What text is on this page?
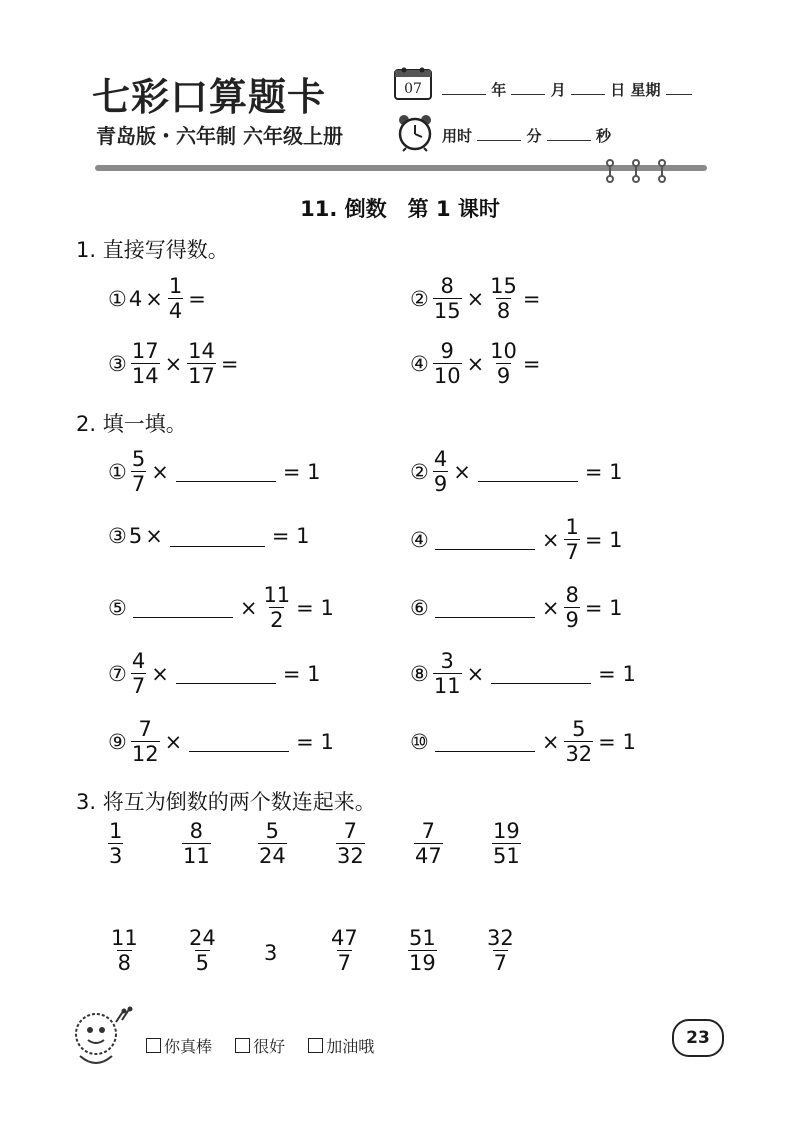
七彩口算题卡
青岛版・六年制 六年级上册
07	年	月	日 星期
用时	分	秒
11. 倒数　第 1 课时
1. 直接写得数。
① $4 \times \frac{1}{4}$ =	② $\frac{8}{15} \times \frac{15}{8}$ =
③ $\frac{17}{14} \times \frac{14}{17}$ =	④ $\frac{9}{10} \times \frac{10}{9}$ =
2. 填一填。
① $\frac{5}{7}$ ×	= 1	② $\frac{4}{9}$ ×	= 1
③ 5 ×	= 1	④	× $\frac{1}{7} = 1$
⑤	× $\frac{11}{2} = 1$	⑥	× $\frac{8}{9} = 1$
⑦ $\frac{4}{7}$ ×	= 1	⑧ $\frac{3}{11}$ ×	= 1
⑨ $\frac{7}{12}$ ×	= 1	⑩	× $\frac{5}{32} = 1$
3. 将互为倒数的两个数连起来。
$\frac{1}{3}$	$\frac{8}{11} \frac{5}{24} \frac{7}{32} \frac{7}{47} \frac{19}{51}$
$\frac{11}{8} \frac{24}{5} 3$	$\frac{47}{7} \frac{51}{19} \frac{32}{7}$
你真棒	很好	加油哦	23
